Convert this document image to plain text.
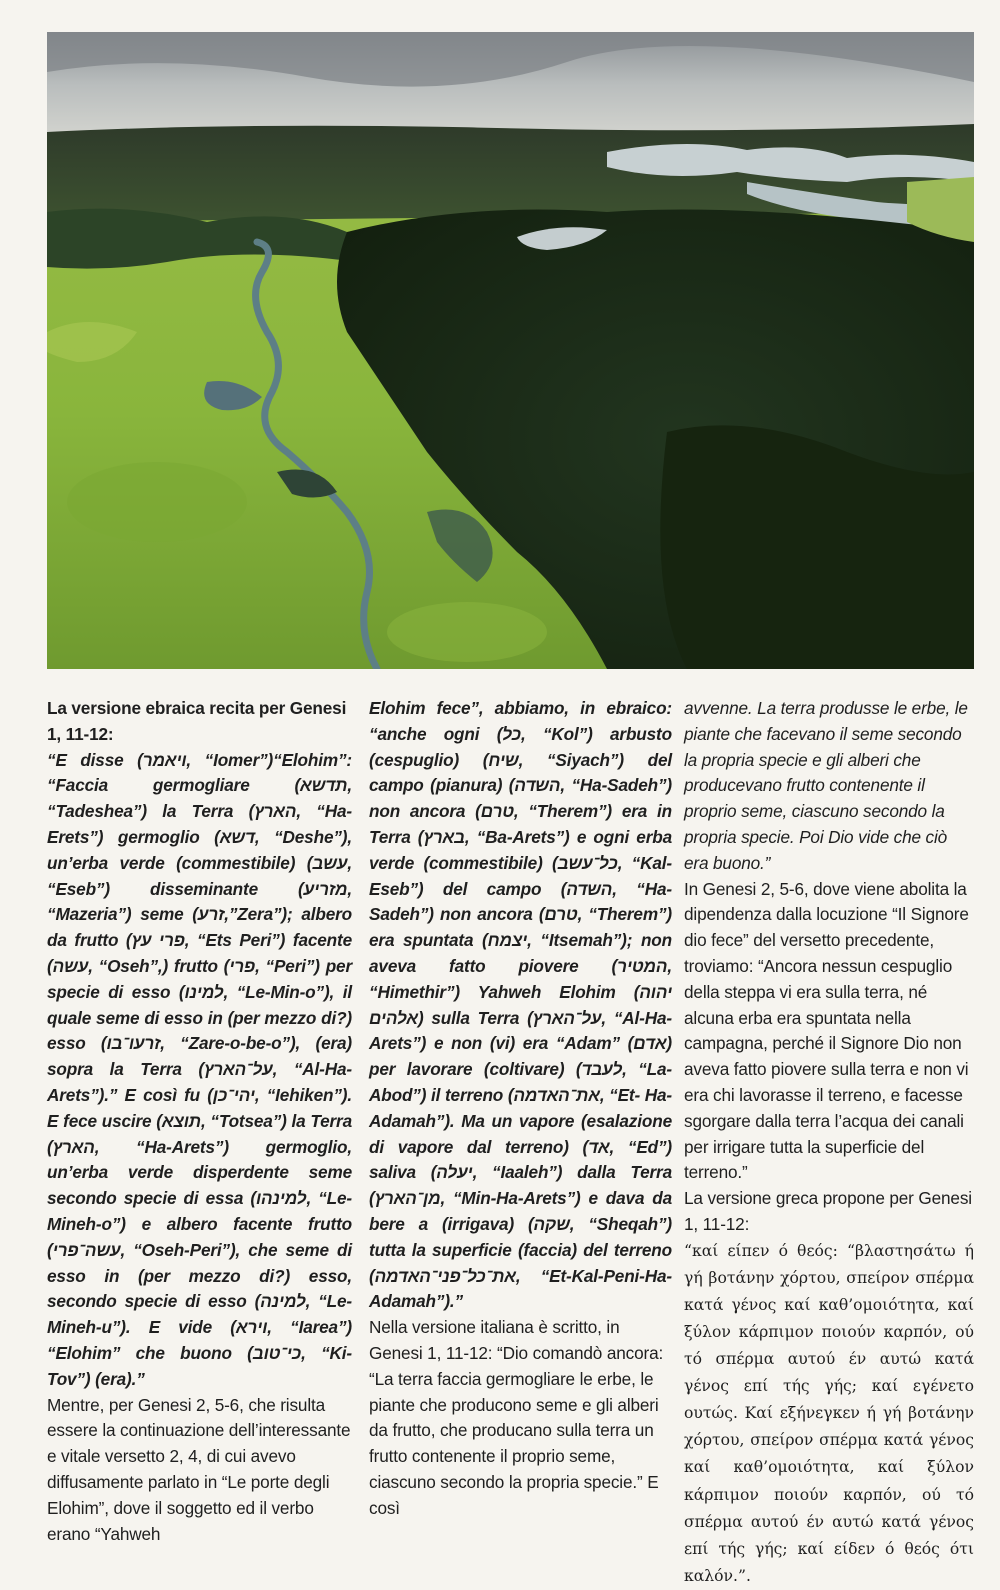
La versione ebraica recita per Genesi 1, 11-12:

“E disse (ויאמר, “Iomer”)“Elohim”: “Faccia germogliare (תדשא, “Tadeshea”) la Terra (הארץ, “Ha-Erets”) germoglio (דשא, “Deshe”), un’erba verde (commestibile) (עשב, “Eseb”) disseminante (מזריע, “Mazeria”) seme (זרע,”Zera”); albero da frutto (פרי עץ, “Ets Peri”) facente (עשה, “Oseh”,) frutto (פרי, “Peri”) per specie di esso (למינו, “Le-Min-o”), il quale seme di esso in (per mezzo di?) esso (זרעו־בו, “Zare-o-be-o”), (era) sopra la Terra (על־הארץ, “Al-Ha-Arets”).” E così fu (יהי־כן, “Iehiken”). E fece uscire (תוצא, “Totsea”) la Terra (הארץ, “Ha-Arets”) germoglio, un’erba verde disperdente seme secondo specie di essa (למינהו, “Le-Mineh-o”) e albero facente frutto (עשה־פרי, “Oseh-Peri”), che seme di esso in (per mezzo di?) esso, secondo specie di esso (למינה, “Le-Mineh-u”). E vide (וירא, “Iarea”) “Elohim” che buono (כי־טוב, “Ki-Tov”) (era).”

Mentre, per Genesi 2, 5-6, che risulta essere la continuazione dell’interessante e vitale versetto 2, 4, di cui avevo diffusamente parlato in “Le porte degli Elohim”, dove il soggetto ed il verbo erano “Yahweh

Elohim fece”, abbiamo, in ebraico: “anche ogni (כל, “Kol”) arbusto (cespuglio) (שיח, “Siyach”) del campo (pianura) (השדה, “Ha-Sadeh”) non ancora (טרם, “Therem”) era in Terra (בארץ, “Ba-Arets”) e ogni erba verde (commestibile) (כל־עשב, “Kal-Eseb”) del campo (השדה, “Ha-Sadeh”) non ancora (טרם, “Therem”) era spuntata (יצמח, “Itsemah”); non aveva fatto piovere (המטיר, “Himethir”) Yahweh Elohim (יהוה אלהים) sulla Terra (על־הארץ, “Al-Ha-Arets”) e non (vi) era “Adam” (אדם) per lavorare (coltivare) (לעבד, “La-Abod”) il terreno (את־האדמה, “Et- Ha-Adamah”). Ma un vapore (esalazione di vapore dal terreno) (אד, “Ed”) saliva (יעלה, “Iaaleh”) dalla Terra (מן־הארץ, “Min-Ha-Arets”) e dava da bere a (irrigava) (שקה, “Sheqah”) tutta la superficie (faccia) del terreno (את־כל־פני־האדמה, “Et-Kal-Peni-Ha-Adamah”).”

Nella versione italiana è scritto, in Genesi 1, 11-12: “Dio comandò ancora: “La terra faccia germogliare le erbe, le piante che producono seme e gli alberi da frutto, che producano sulla terra un frutto contenente il proprio seme, ciascuno secondo la propria specie.” E così

avvenne. La terra produsse le erbe, le piante che facevano il seme secondo la propria specie e gli alberi che producevano frutto contenente il proprio seme, ciascuno secondo la propria specie. Poi Dio vide che ciò era buono.”

In Genesi 2, 5-6, dove viene abolita la dipendenza dalla locuzione “Il Signore dio fece” del versetto precedente, troviamo: “Ancora nessun cespuglio della steppa vi era sulla terra, né alcuna erba era spuntata nella campagna, perché il Signore Dio non aveva fatto piovere sulla terra e non vi era chi lavorasse il terreno, e facesse sgorgare dalla terra l’acqua dei canali per irrigare tutta la superficie del terreno.”

La versione greca propone per Genesi 1, 11-12:

“καί είπεν ό θεός: “βλαστησάτω ή γή βοτάνην χόρτου, σπείρον σπέρμα κατά γένος καί καθ’ομοιότητα, καί ξύλον κάρπιμον ποιούν καρπόν, ού τό σπέρμα αυτού έν αυτώ κατά γένος επί τής γής; καί εγένετο ουτώς. Καί εξήνεγκεν ή γή βοτάνην χόρτου, σπείρον σπέρμα κατά γένος καί καθ’ομοιότητα, καί ξύλον κάρπιμον ποιούν καρπόν, ού τό σπέρμα αυτού έν αυτώ κατά γένος επί τής γής; καί είδεν ό θεός ότι καλόν.”.
